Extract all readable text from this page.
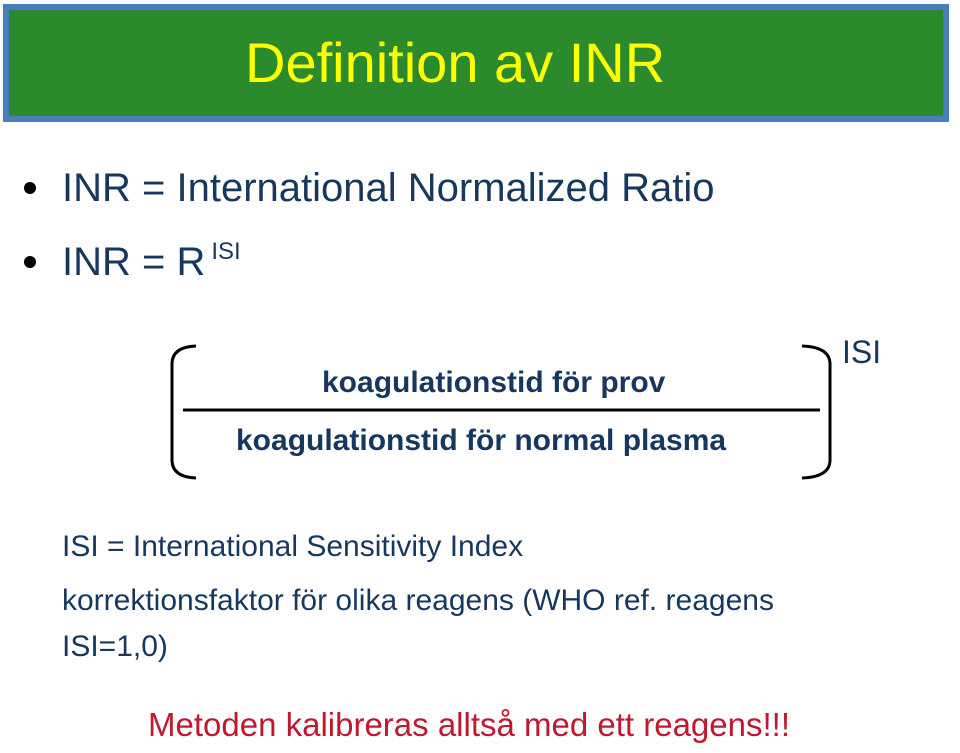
Definition av INR
INR = International Normalized Ratio
INR = R $^{ISI}$
koagulationstid för prov
koagulationstid för normal plasma
ISI
ISI = International Sensitivity Index
korrektionsfaktor för olika reagens (WHO ref. reagens
ISI=1,0)
Metoden kalibreras alltså med ett reagens!!!
